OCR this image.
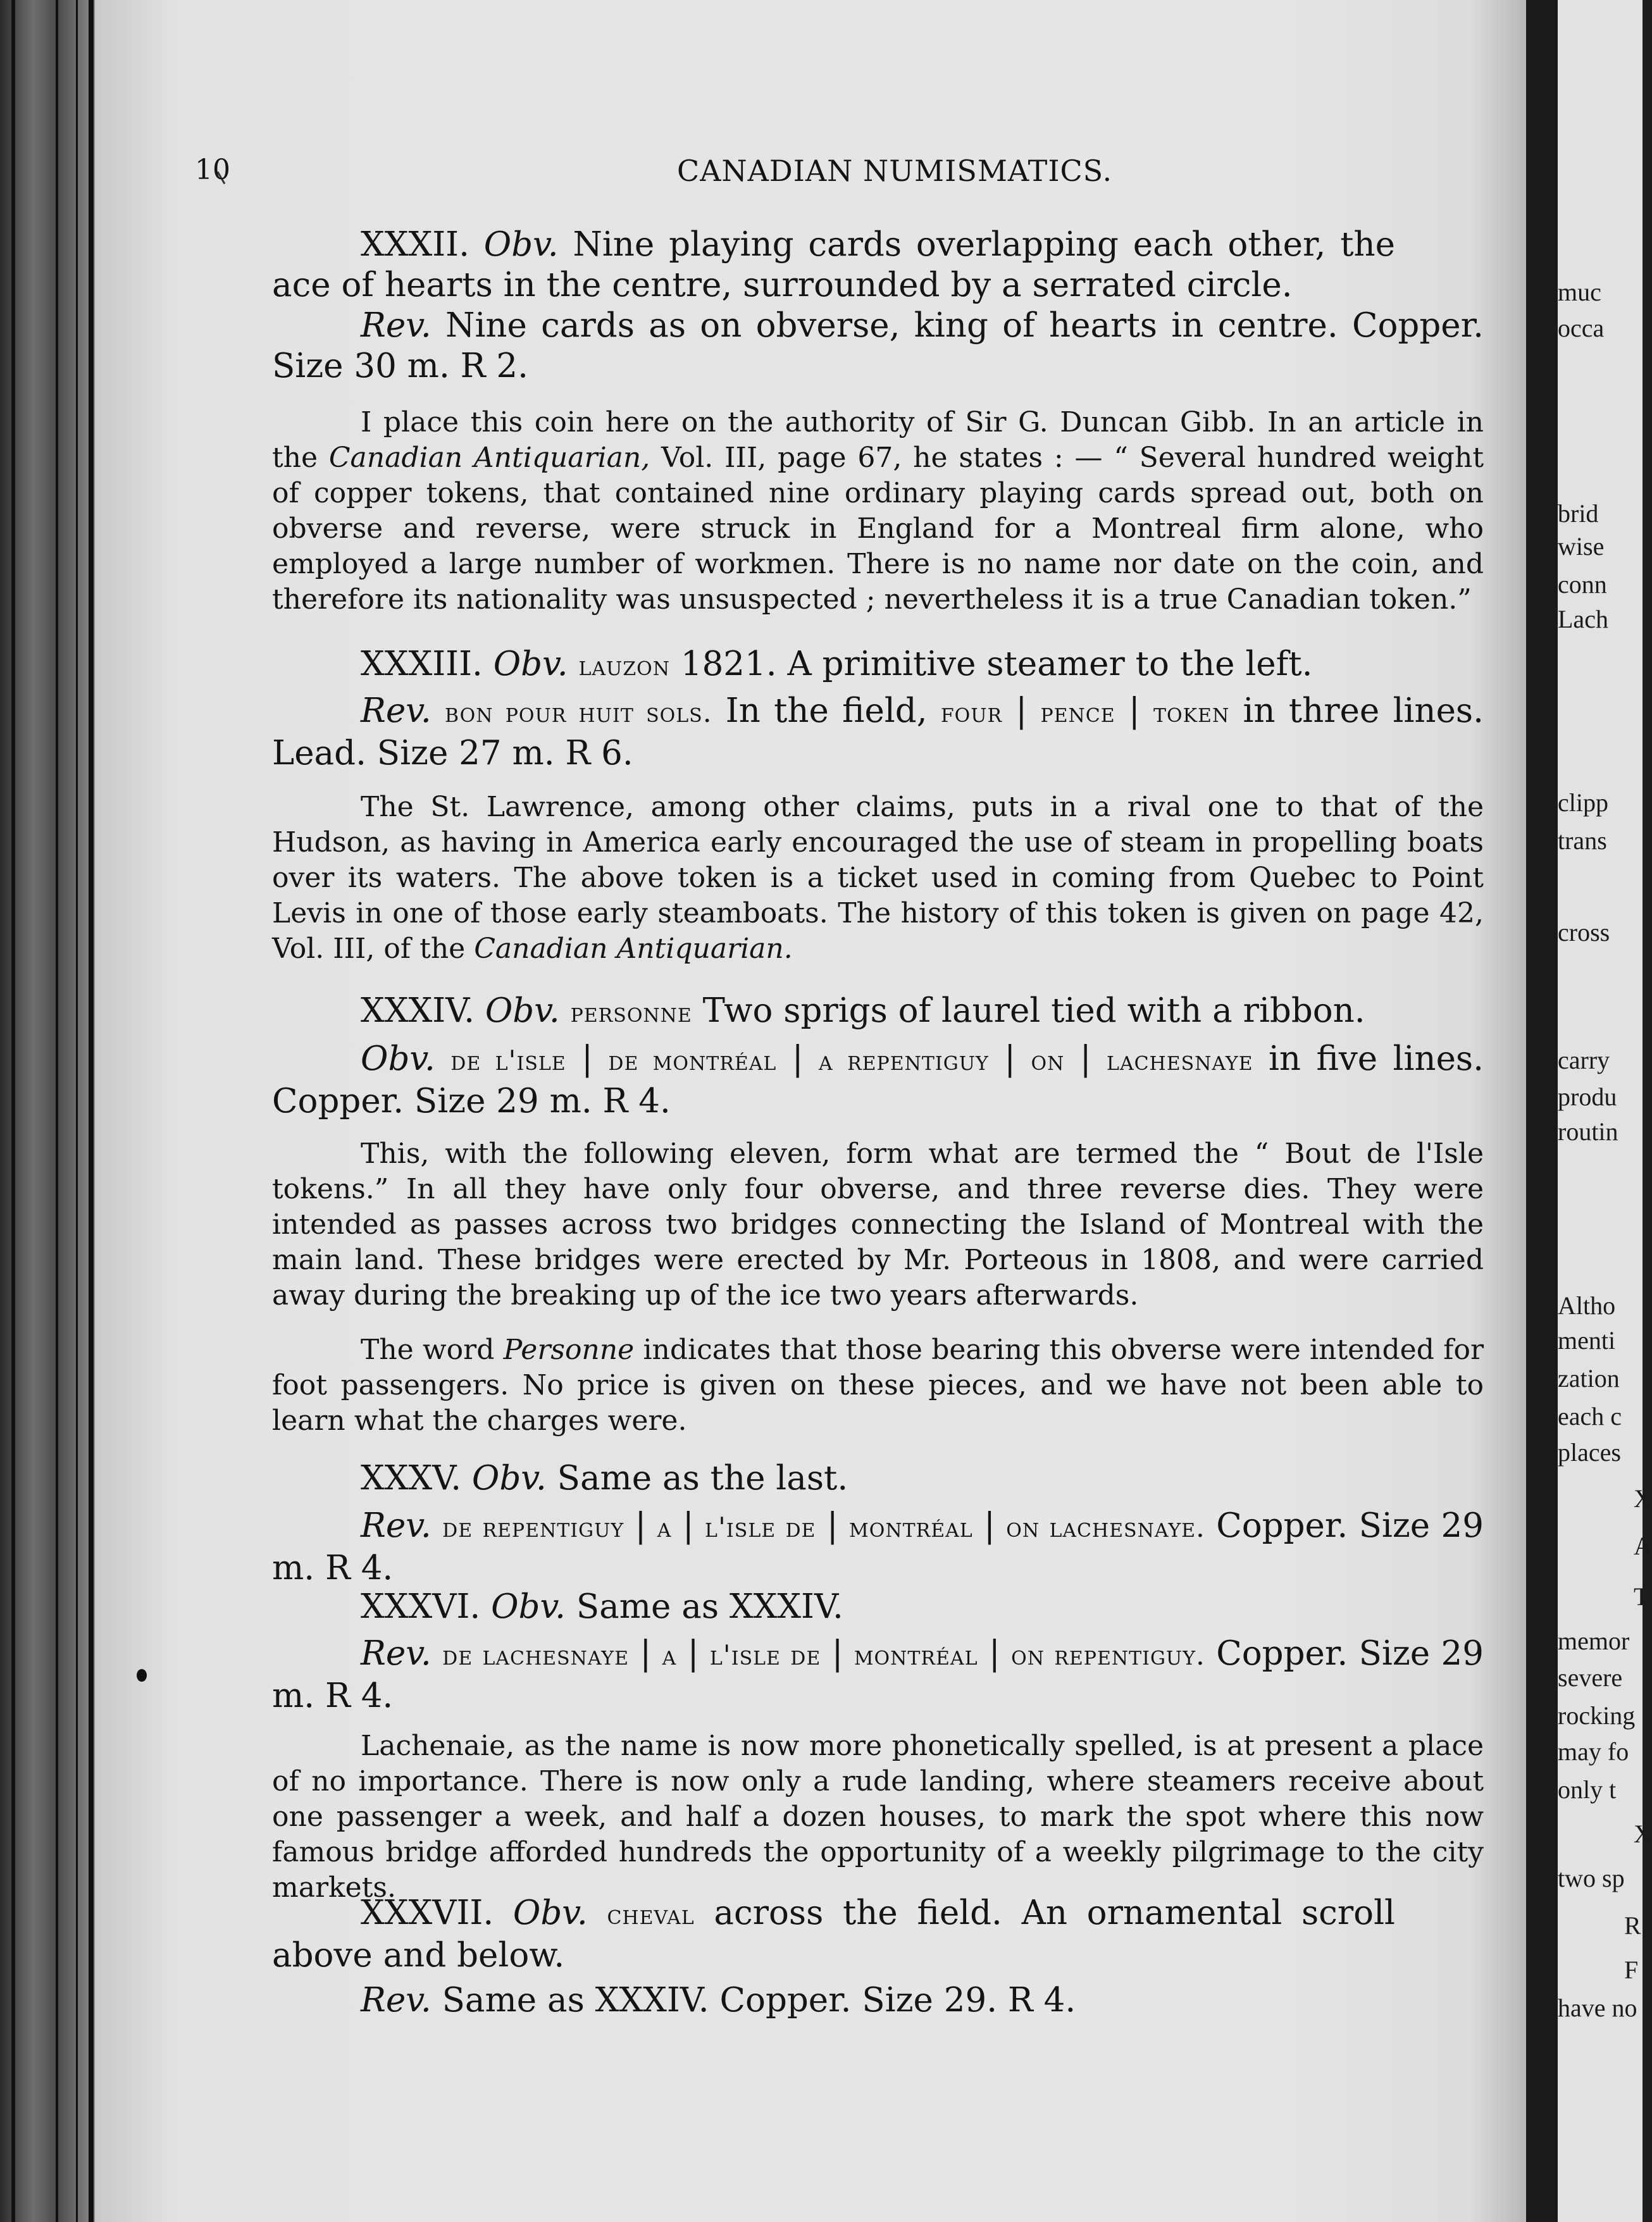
muc
occa
brid
wise
conn
Lach
clipp
trans
cross
carry
produ
routin
Altho
menti
zation
each c
places
X
A
T
memor
severe
rocking
may fo
only t
X
two sp
R
F
have no
10	CANADIAN NUMISMATICS.
XXXII. Obv. Nine playing cards overlapping each other, the ace of hearts in the centre, surrounded by a serrated circle.
Rev. Nine cards as on obverse, king of hearts in centre. Copper. Size 30 m. R 2.
I place this coin here on the authority of Sir G. Duncan Gibb. In an article in the Canadian Antiquarian, Vol. III, page 67, he states : — “ Several hundred weight of copper tokens, that contained nine ordinary playing cards spread out, both on obverse and reverse, were struck in England for a Montreal firm alone, who employed a large number of workmen. There is no name nor date on the coin, and therefore its nationality was unsuspected ; nevertheless it is a true Canadian token.”
XXXIII. Obv. lauzon 1821. A primitive steamer to the left.
Rev. bon pour huit sols. In the field, four | pence | token in three lines. Lead. Size 27 m. R 6.
The St. Lawrence, among other claims, puts in a rival one to that of the Hudson, as having in America early encouraged the use of steam in propelling boats over its waters. The above token is a ticket used in coming from Quebec to Point Levis in one of those early steamboats. The history of this token is given on page 42, Vol. III, of the Canadian Antiquarian.
XXXIV. Obv. personne Two sprigs of laurel tied with a ribbon.
Obv. de l'isle | de montréal | a repentiguy | on | lachesnaye in five lines. Copper. Size 29 m. R 4.
This, with the following eleven, form what are termed the “ Bout de l'Isle tokens.” In all they have only four obverse, and three reverse dies. They were intended as passes across two bridges connecting the Island of Montreal with the main land. These bridges were erected by Mr. Porteous in 1808, and were carried away during the breaking up of the ice two years afterwards.
The word Personne indicates that those bearing this obverse were intended for foot passengers. No price is given on these pieces, and we have not been able to learn what the charges were.
XXXV. Obv. Same as the last.
Rev. de repentiguy | a | l'isle de | montréal | on lachesnaye. Copper. Size 29 m. R 4.
XXXVI. Obv. Same as XXXIV.
Rev. de lachesnaye | a | l'isle de | montréal | on repentiguy. Copper. Size 29 m. R 4.
Lachenaie, as the name is now more phonetically spelled, is at present a place of no importance. There is now only a rude landing, where steamers receive about one passenger a week, and half a dozen houses, to mark the spot where this now famous bridge afforded hundreds the opportunity of a weekly pilgrimage to the city markets.
XXXVII. Obv. cheval across the field. An ornamental scroll above and below.
Rev. Same as XXXIV. Copper. Size 29. R 4.
